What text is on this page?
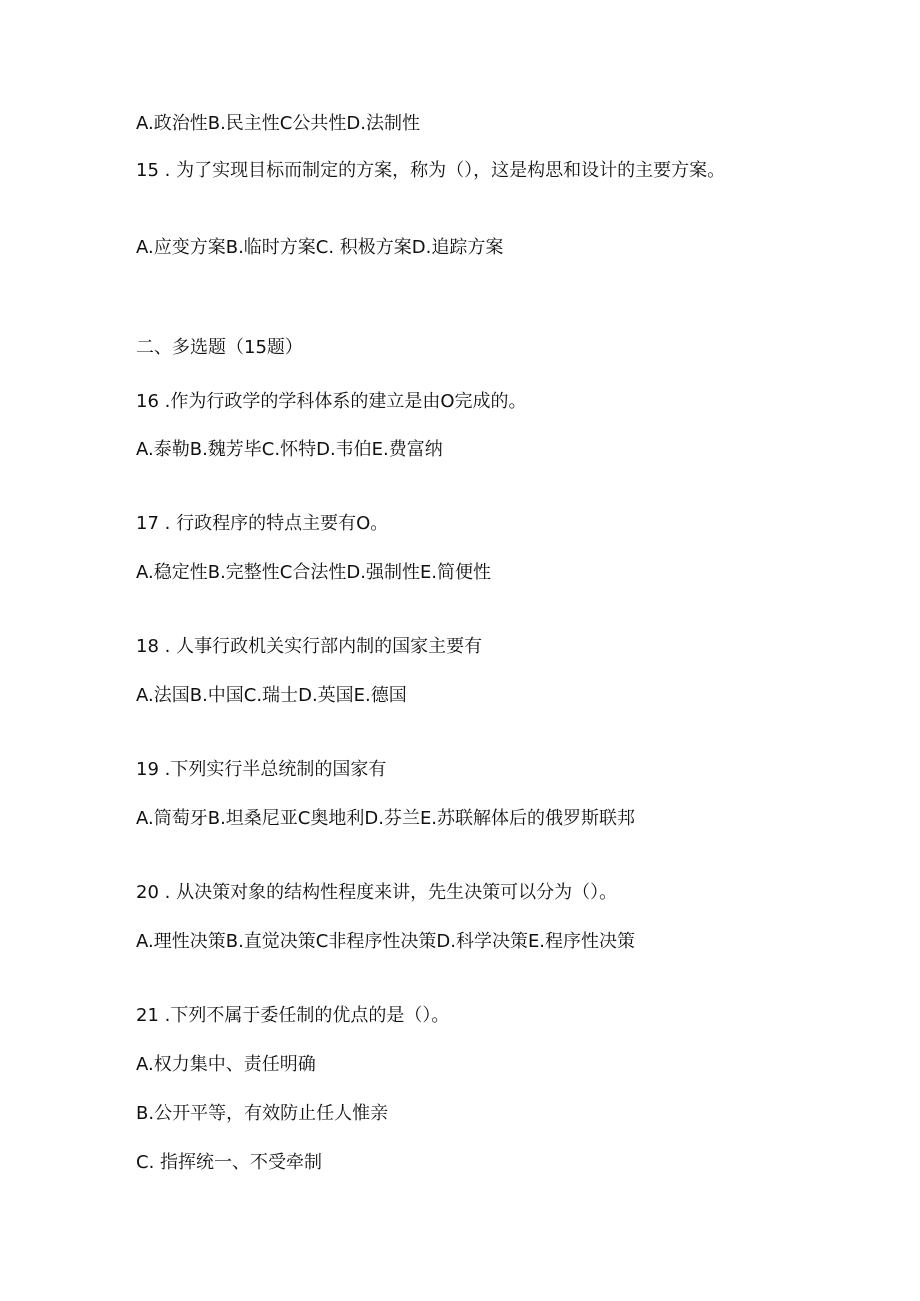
A.政治性B.民主性C公共性D.法制性
15 . 为了实现目标而制定的方案，称为（），这是构思和设计的主要方案。
A.应变方案B.临时方案C. 积极方案D.追踪方案
二、多选题（15题）
16 .作为行政学的学科体系的建立是由O完成的。
A.泰勒B.魏芳毕C.怀特D.韦伯E.费富纳
17 . 行政程序的特点主要有O。
A.稳定性B.完整性C合法性D.强制性E.简便性
18 . 人事行政机关实行部内制的国家主要有
A.法国B.中国C.瑞士D.英国E.德国
19 .下列实行半总统制的国家有
A.筒萄牙B.坦桑尼亚C奥地利D.芬兰E.苏联解体后的俄罗斯联邦
20 . 从决策对象的结构性程度来讲，先生决策可以分为（）。
A.理性决策B.直觉决策C非程序性决策D.科学决策E.程序性决策
21 .下列不属于委任制的优点的是（）。
A.权力集中、责任明确
B.公开平等，有效防止任人惟亲
C. 指挥统一、不受牵制
